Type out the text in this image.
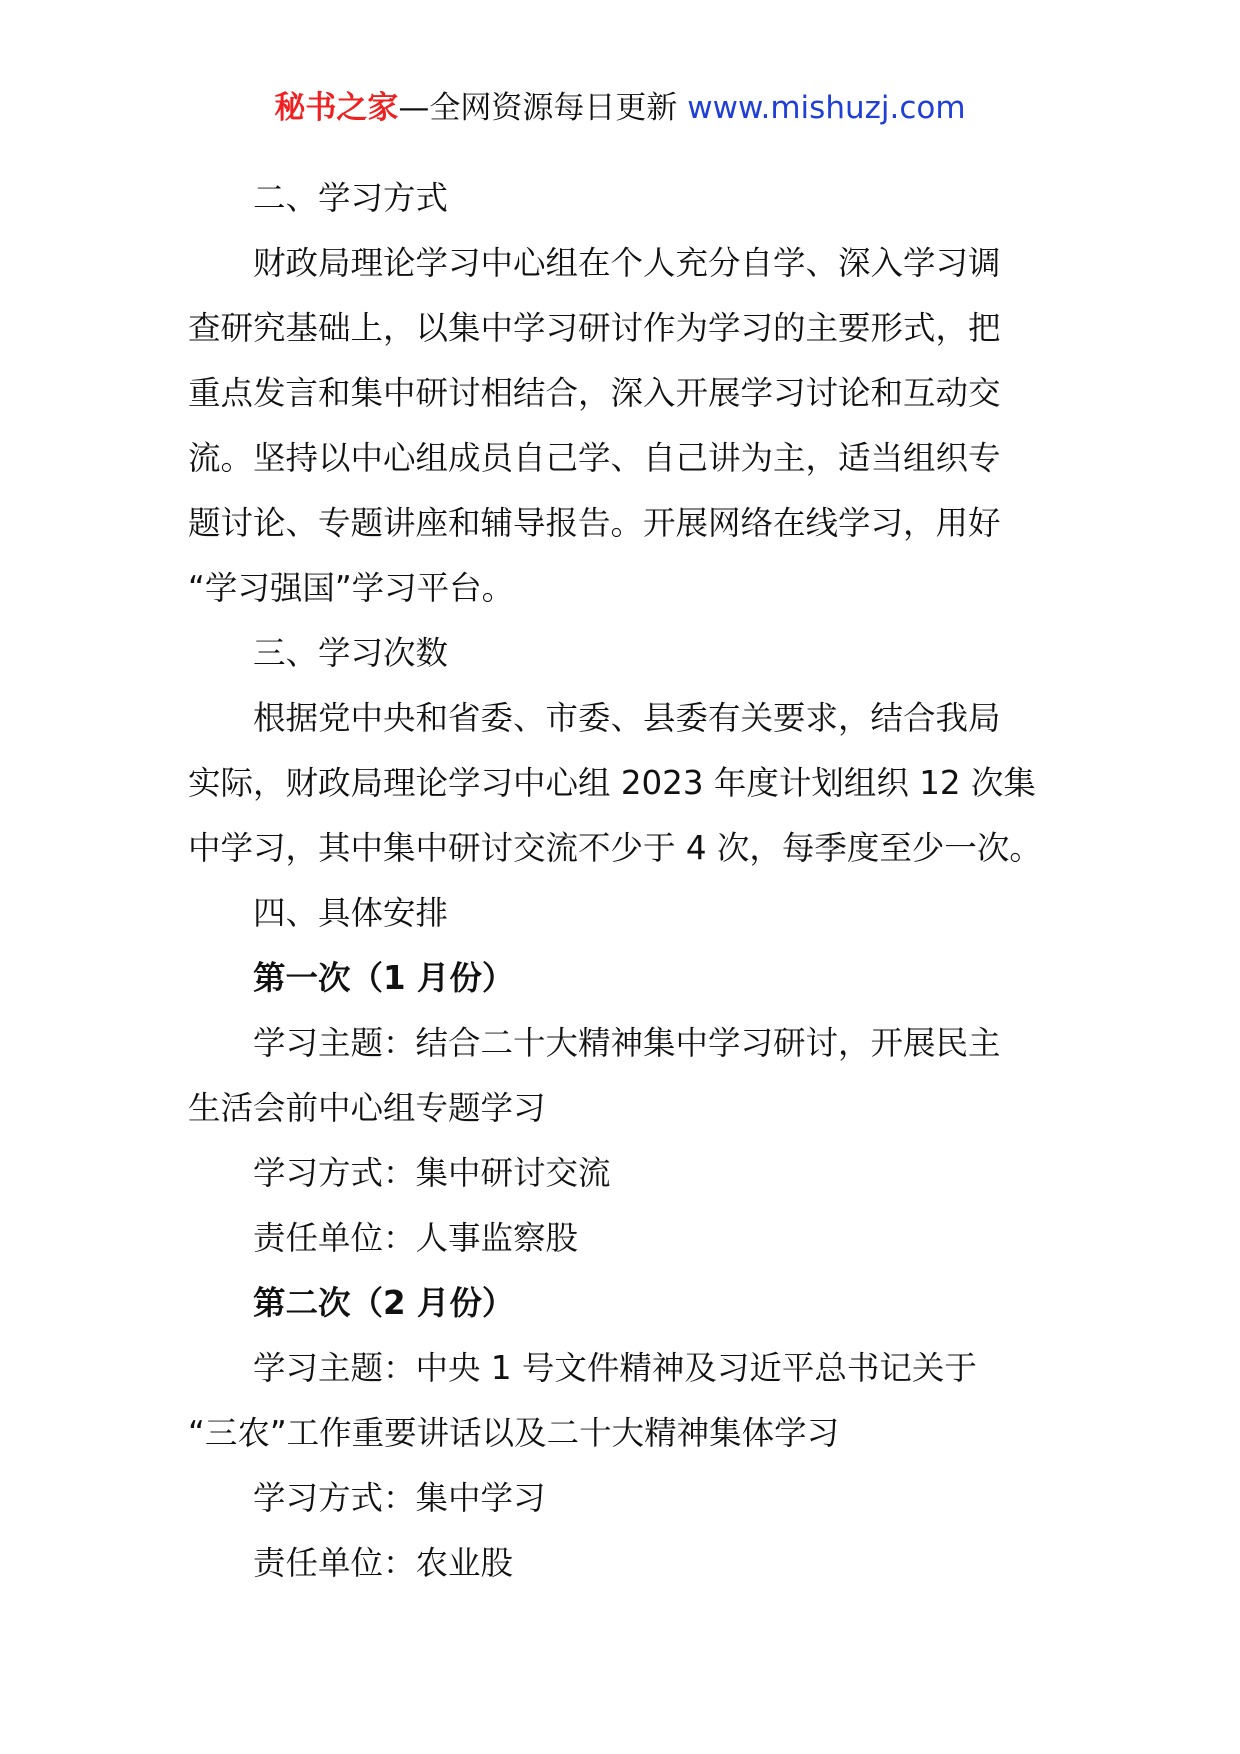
秘书之家—全网资源每日更新 www.mishuzj.com

二、学习方式

财政局理论学习中心组在个人充分自学、深入学习调
查研究基础上，以集中学习研讨作为学习的主要形式，把
重点发言和集中研讨相结合，深入开展学习讨论和互动交
流。坚持以中心组成员自己学、自己讲为主，适当组织专
题讨论、专题讲座和辅导报告。开展网络在线学习，用好
“学习强国”学习平台。

三、学习次数

根据党中央和省委、市委、县委有关要求，结合我局
实际，财政局理论学习中心组 2023 年度计划组织 12 次集
中学习，其中集中研讨交流不少于 4 次，每季度至少一次。

四、具体安排

第一次（1 月份）

学习主题：结合二十大精神集中学习研讨，开展民主
生活会前中心组专题学习
学习方式：集中研讨交流
责任单位：人事监察股

第二次（2 月份）

学习主题：中央 1 号文件精神及习近平总书记关于
“三农”工作重要讲话以及二十大精神集体学习
学习方式：集中学习
责任单位：农业股
